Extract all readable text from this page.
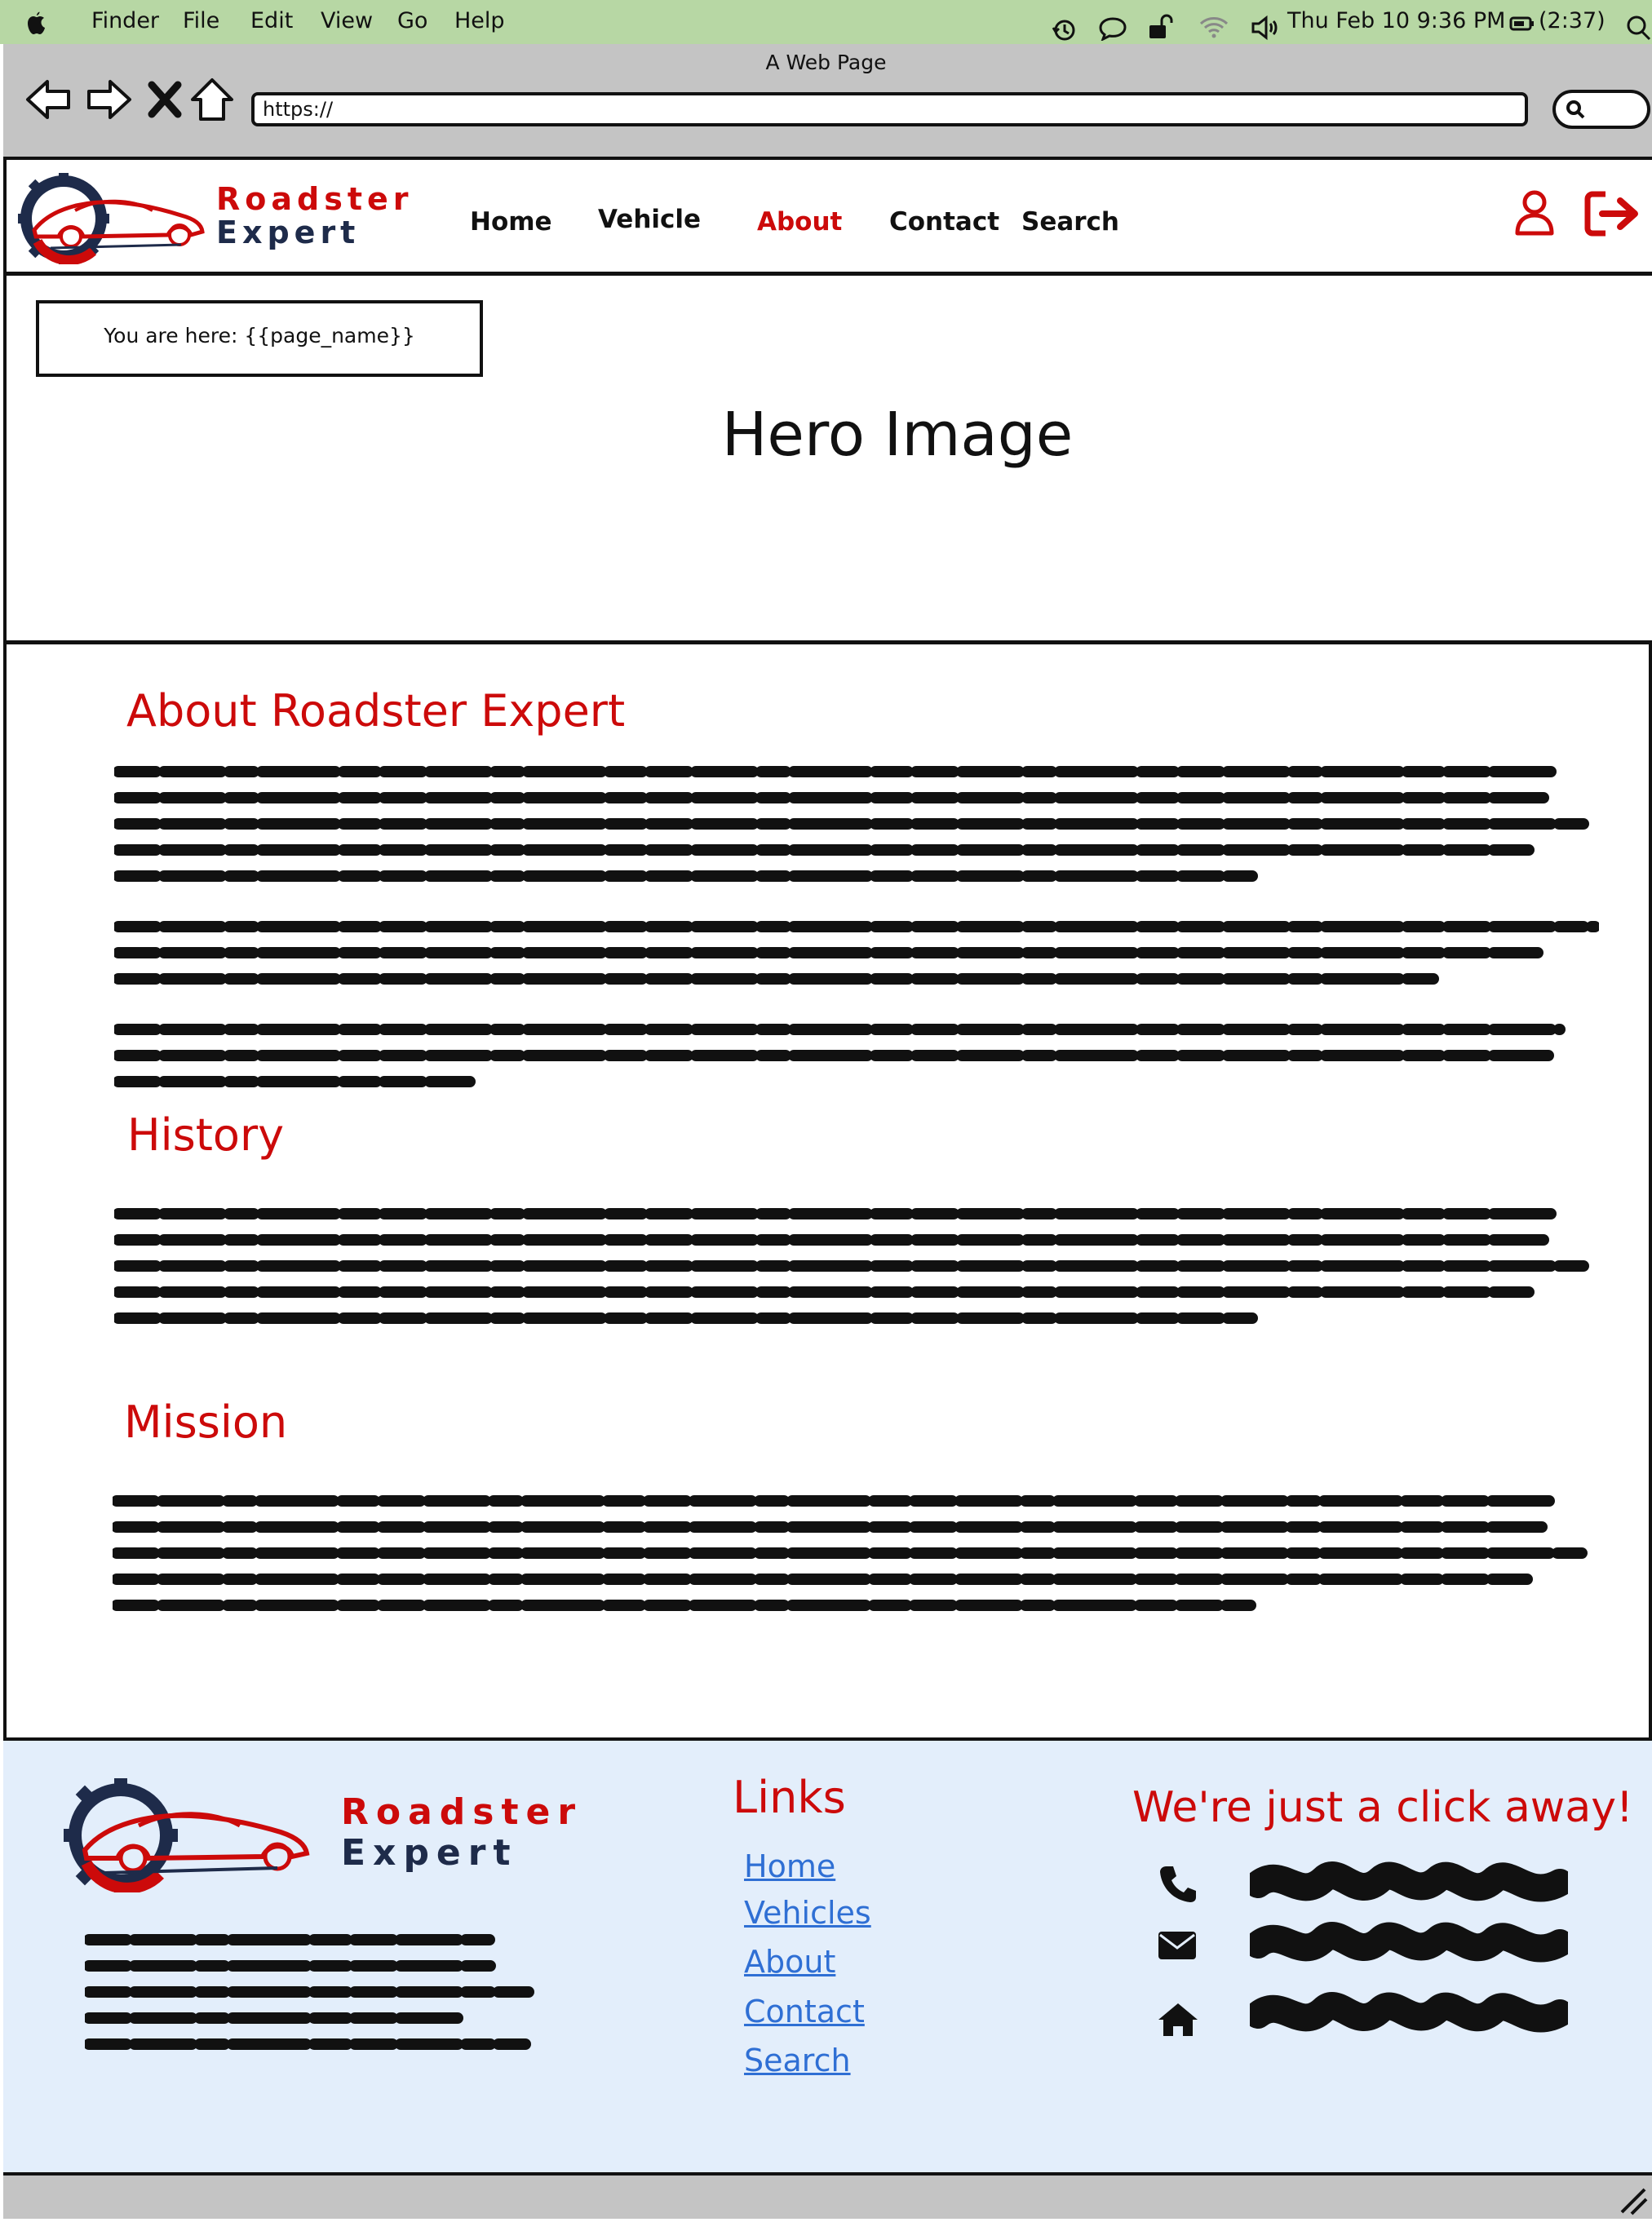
Finder File Edit View Go Help	Thu Feb 10 9:36 PM (2:37)
A Web Page
https://
Roadster
Expert	Home Vehicle About Contact Search
You are here: {{page_name}}
Hero Image
About Roadster Expert
History
Mission
Roadster
Expert
Links
Home
Vehicles
About
Contact
Search
We're just a click away!
